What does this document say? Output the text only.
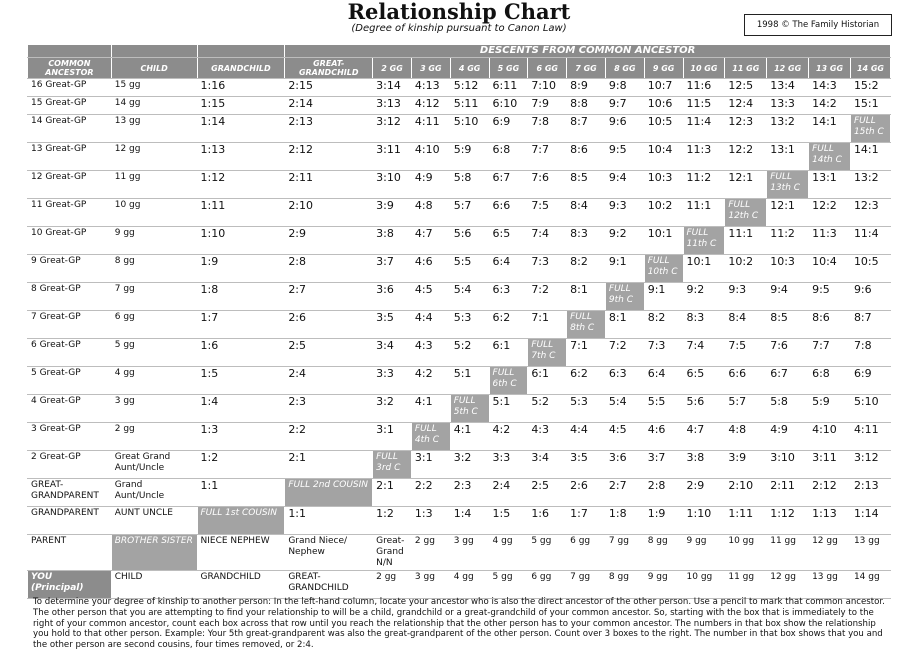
Relationship Chart
(Degree of kinship pursuant to Canon Law)	1998 © The Family Historian
			DESCENTS FROM COMMON ANCESTOR													
COMMON ANCESTOR	CHILD	GRANDCHILD	GREAT-GRANDCHILD	2 GG	3 GG	4 GG	5 GG	6 GG	7 GG	8 GG	9 GG	10 GG	11 GG	12 GG	13 GG	14 GG
16 Great-GP	15 gg	1:16	2:15	3:14	4:13	5:12	6:11	7:10	8:9	9:8	10:7	11:6	12:5	13:4	14:3	15:2
15 Great-GP	14 gg	1:15	2:14	3:13	4:12	5:11	6:10	7:9	8:8	9:7	10:6	11:5	12:4	13:3	14:2	15:1
14 Great-GP	13 gg	1:14	2:13	3:12	4:11	5:10	6:9	7:8	8:7	9:6	10:5	11:4	12:3	13:2	14:1	FULL 15th C
13 Great-GP	12 gg	1:13	2:12	3:11	4:10	5:9	6:8	7:7	8:6	9:5	10:4	11:3	12:2	13:1	FULL 14th C	14:1
12 Great-GP	11 gg	1:12	2:11	3:10	4:9	5:8	6:7	7:6	8:5	9:4	10:3	11:2	12:1	FULL 13th C	13:1	13:2
11 Great-GP	10 gg	1:11	2:10	3:9	4:8	5:7	6:6	7:5	8:4	9:3	10:2	11:1	FULL 12th C	12:1	12:2	12:3
10 Great-GP	9 gg	1:10	2:9	3:8	4:7	5:6	6:5	7:4	8:3	9:2	10:1	FULL 11th C	11:1	11:2	11:3	11:4
9 Great-GP	8 gg	1:9	2:8	3:7	4:6	5:5	6:4	7:3	8:2	9:1	FULL 10th C	10:1	10:2	10:3	10:4	10:5
8 Great-GP	7 gg	1:8	2:7	3:6	4:5	5:4	6:3	7:2	8:1	FULL 9th C	9:1	9:2	9:3	9:4	9:5	9:6
7 Great-GP	6 gg	1:7	2:6	3:5	4:4	5:3	6:2	7:1	FULL 8th C	8:1	8:2	8:3	8:4	8:5	8:6	8:7
6 Great-GP	5 gg	1:6	2:5	3:4	4:3	5:2	6:1	FULL 7th C	7:1	7:2	7:3	7:4	7:5	7:6	7:7	7:8
5 Great-GP	4 gg	1:5	2:4	3:3	4:2	5:1	FULL 6th C	6:1	6:2	6:3	6:4	6:5	6:6	6:7	6:8	6:9
4 Great-GP	3 gg	1:4	2:3	3:2	4:1	FULL 5th C	5:1	5:2	5:3	5:4	5:5	5:6	5:7	5:8	5:9	5:10
3 Great-GP	2 gg	1:3	2:2	3:1	FULL 4th C	4:1	4:2	4:3	4:4	4:5	4:6	4:7	4:8	4:9	4:10	4:11
2 Great-GP	Great Grand Aunt/Uncle	1:2	2:1	FULL 3rd C	3:1	3:2	3:3	3:4	3:5	3:6	3:7	3:8	3:9	3:10	3:11	3:12
GREAT-GRANDPARENT	Grand Aunt/Uncle	1:1	FULL 2nd COUSIN	2:1	2:2	2:3	2:4	2:5	2:6	2:7	2:8	2:9	2:10	2:11	2:12	2:13
GRANDPARENT	AUNT UNCLE	FULL 1st COUSIN	1:1	1:2	1:3	1:4	1:5	1:6	1:7	1:8	1:9	1:10	1:11	1:12	1:13	1:14
PARENT	BROTHER SISTER	NIECE NEPHEW	Grand Niece/ Nephew	Great-Grand N/N	2 gg	3 gg	4 gg	5 gg	6 gg	7 gg	8 gg	9 gg	10 gg	11 gg	12 gg	13 gg
YOU (Principal)	CHILD	GRANDCHILD	GREAT-GRANDCHILD	2 gg	3 gg	4 gg	5 gg	6 gg	7 gg	8 gg	9 gg	10 gg	11 gg	12 gg	13 gg	14 gg
To determine your degree of kinship to another person: In the left-hand column, locate your ancestor who is also the direct ancestor of the other person. Use a pencil to mark that common ancestor. The other person that you are attempting to find your relationship to will be a child, grandchild or a great-grandchild of your common ancestor. So, starting with the box that is immediately to the right of your common ancestor, count each box across that row until you reach the relationship that the other person has to your common ancestor. The numbers in that box show the relationship you hold to that other person. Example: Your 5th great-grandparent was also the great-grandparent of the other person. Count over 3 boxes to the right. The number in that box shows that you and the other person are second cousins, four times removed, or 2:4.
